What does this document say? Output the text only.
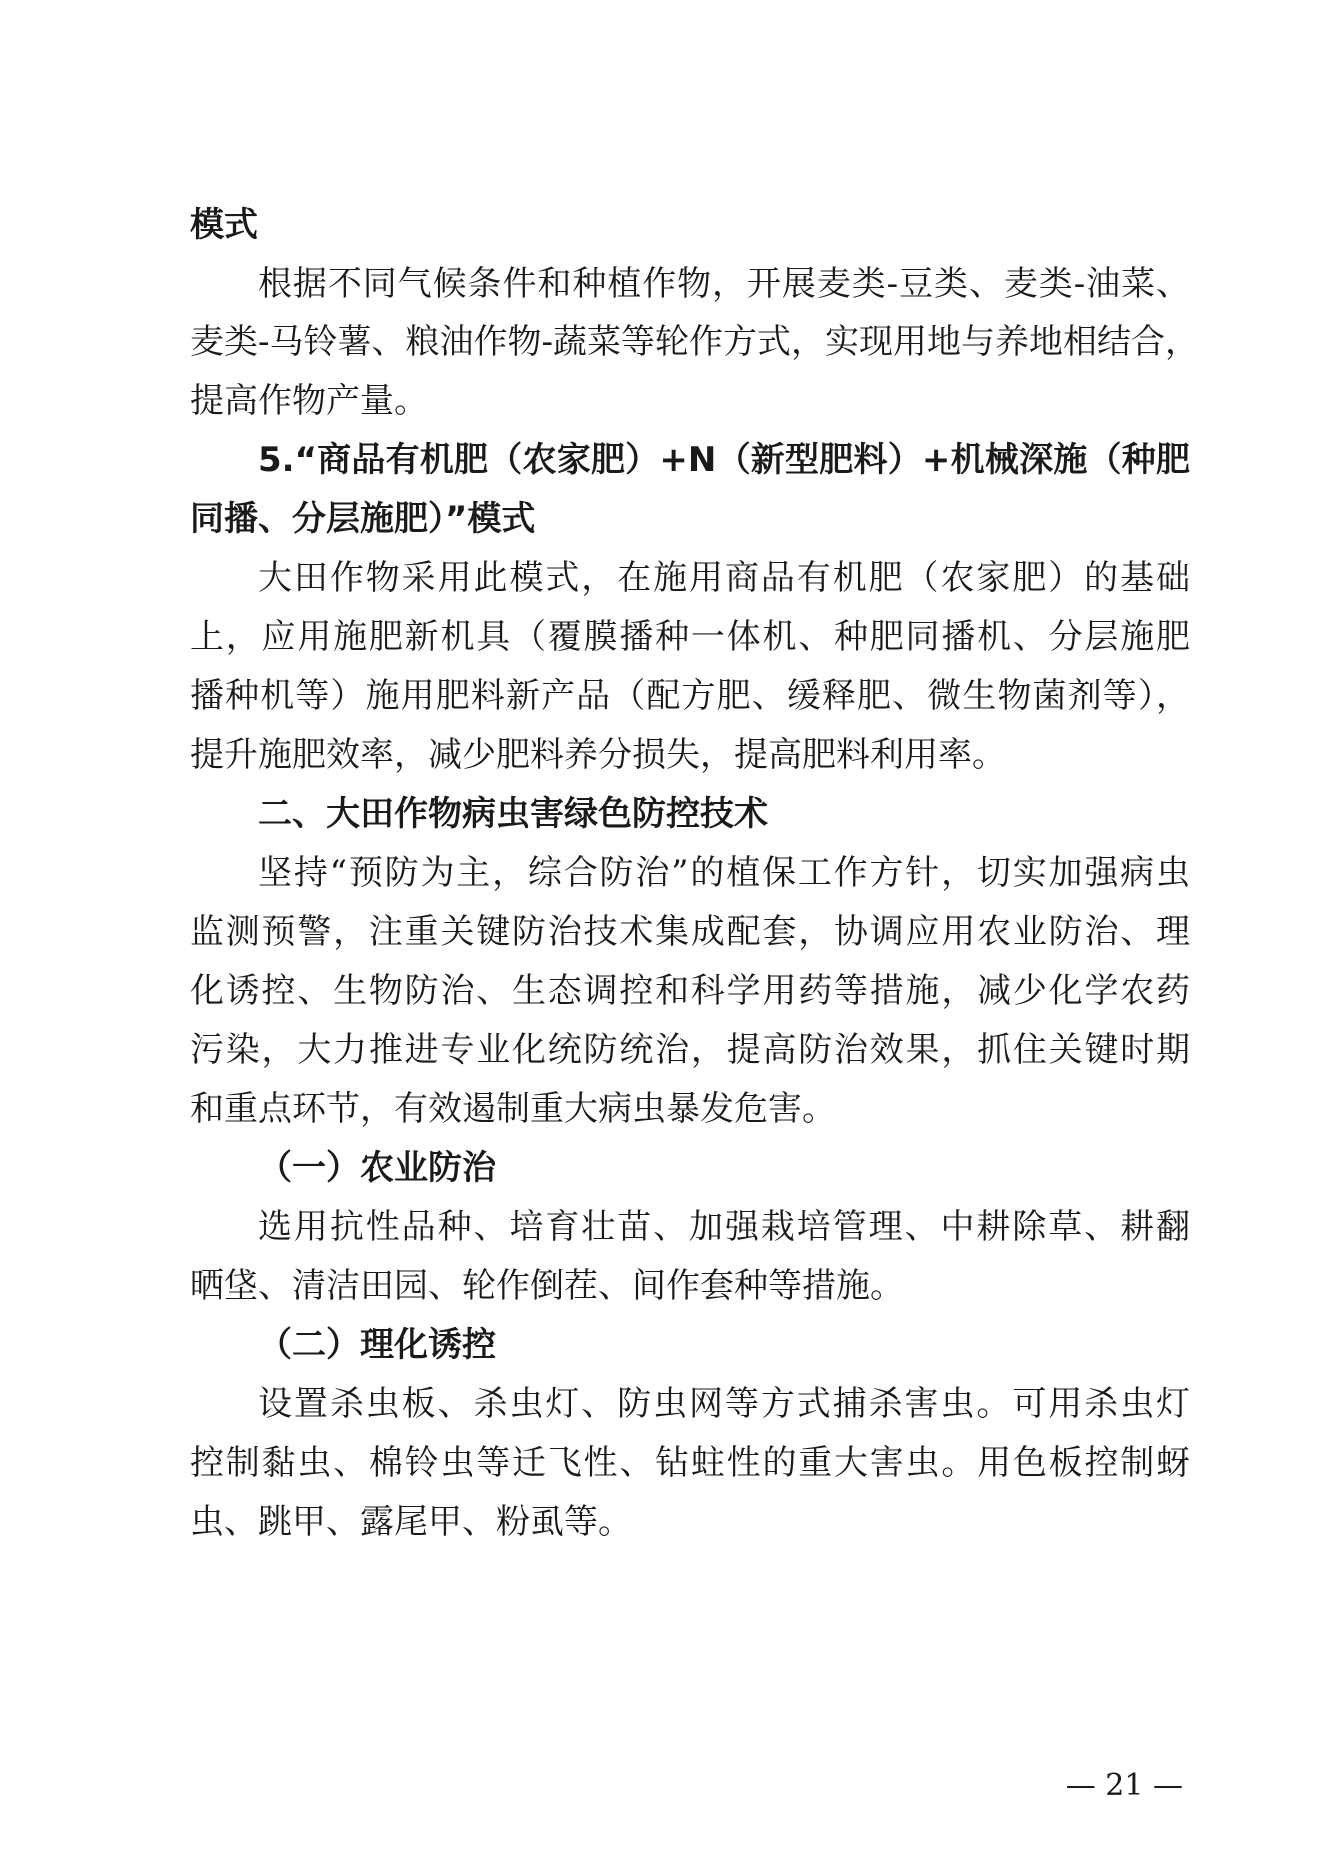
模式
根据不同气候条件和种植作物，开展麦类-豆类、麦类-油菜、
麦类-马铃薯、粮油作物-蔬菜等轮作方式，实现用地与养地相结合，
提高作物产量。
5.“商品有机肥（农家肥）+N（新型肥料）+机械深施（种肥
同播、分层施肥）”模式
大田作物采用此模式，在施用商品有机肥（农家肥）的基础
上，应用施肥新机具（覆膜播种一体机、种肥同播机、分层施肥
播种机等）施用肥料新产品（配方肥、缓释肥、微生物菌剂等），
提升施肥效率，减少肥料养分损失，提高肥料利用率。
二、大田作物病虫害绿色防控技术
坚持“预防为主，综合防治”的植保工作方针，切实加强病虫
监测预警，注重关键防治技术集成配套，协调应用农业防治、理
化诱控、生物防治、生态调控和科学用药等措施，减少化学农药
污染，大力推进专业化统防统治，提高防治效果，抓住关键时期
和重点环节，有效遏制重大病虫暴发危害。
（一）农业防治
选用抗性品种、培育壮苗、加强栽培管理、中耕除草、耕翻
晒垡、清洁田园、轮作倒茬、间作套种等措施。
（二）理化诱控
设置杀虫板、杀虫灯、防虫网等方式捕杀害虫。可用杀虫灯
控制黏虫、棉铃虫等迁飞性、钻蛀性的重大害虫。用色板控制蚜
虫、跳甲、露尾甲、粉虱等。
— 21 —
